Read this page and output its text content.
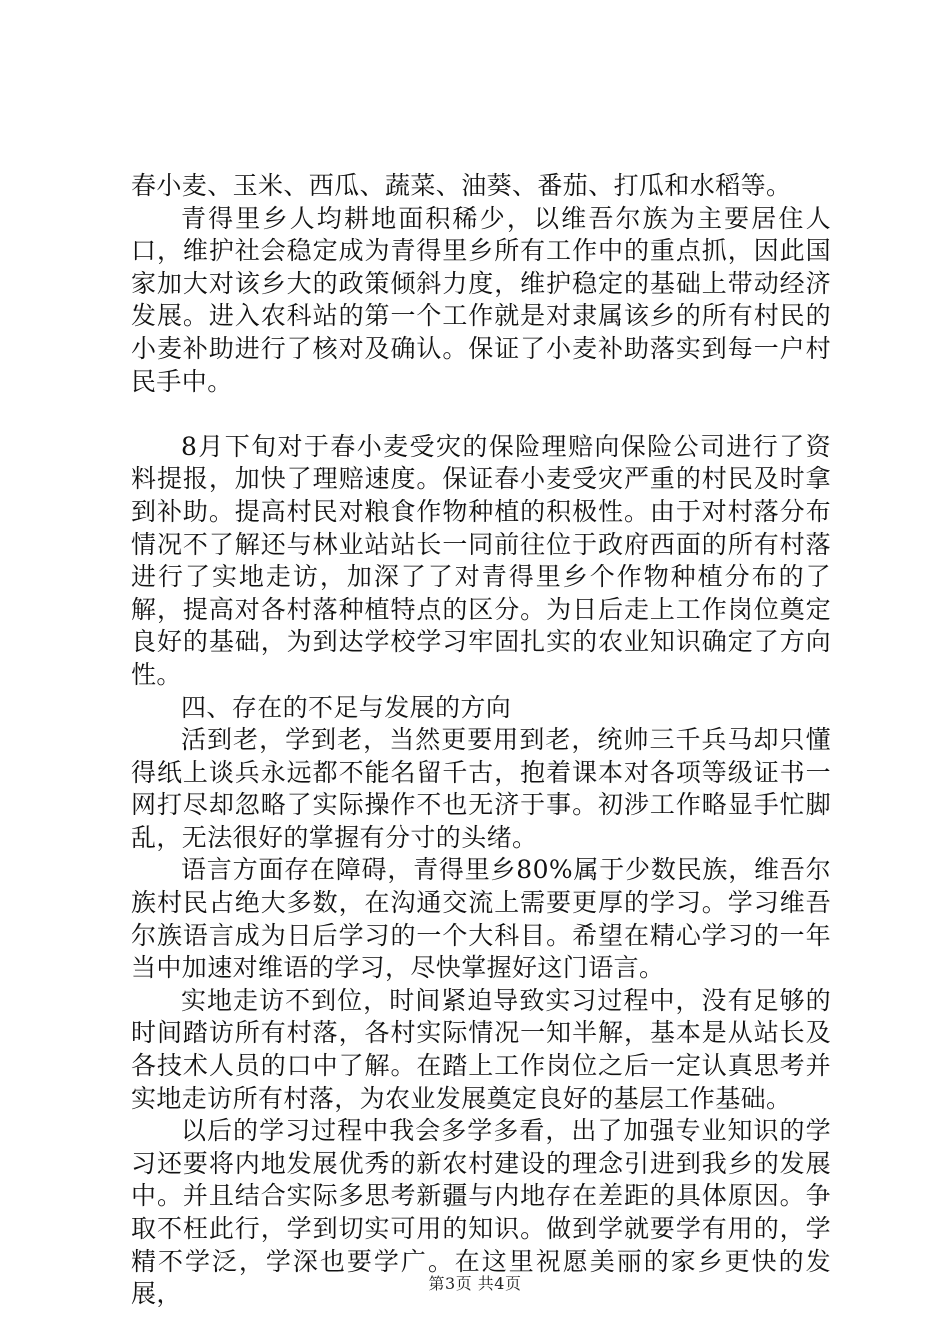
春小麦、玉米、西瓜、蔬菜、油葵、番茄、打瓜和水稻等。

青得里乡人均耕地面积稀少，以维吾尔族为主要居住人口，维护社会稳定成为青得里乡所有工作中的重点抓，因此国家加大对该乡大的政策倾斜力度，维护稳定的基础上带动经济发展。进入农科站的第一个工作就是对隶属该乡的所有村民的小麦补助进行了核对及确认。保证了小麦补助落实到每一户村民手中。

8月下旬对于春小麦受灾的保险理赔向保险公司进行了资料提报，加快了理赔速度。保证春小麦受灾严重的村民及时拿到补助。提高村民对粮食作物种植的积极性。由于对村落分布情况不了解还与林业站站长一同前往位于政府西面的所有村落进行了实地走访，加深了了对青得里乡个作物种植分布的了解，提高对各村落种植特点的区分。为日后走上工作岗位奠定良好的基础，为到达学校学习牢固扎实的农业知识确定了方向性。

四、存在的不足与发展的方向

活到老，学到老，当然更要用到老，统帅三千兵马却只懂得纸上谈兵永远都不能名留千古，抱着课本对各项等级证书一网打尽却忽略了实际操作不也无济于事。初涉工作略显手忙脚乱，无法很好的掌握有分寸的头绪。

语言方面存在障碍，青得里乡80%属于少数民族，维吾尔族村民占绝大多数，在沟通交流上需要更厚的学习。学习维吾尔族语言成为日后学习的一个大科目。希望在精心学习的一年当中加速对维语的学习，尽快掌握好这门语言。

实地走访不到位，时间紧迫导致实习过程中，没有足够的时间踏访所有村落，各村实际情况一知半解，基本是从站长及各技术人员的口中了解。在踏上工作岗位之后一定认真思考并实地走访所有村落，为农业发展奠定良好的基层工作基础。

以后的学习过程中我会多学多看，出了加强专业知识的学习还要将内地发展优秀的新农村建设的理念引进到我乡的发展中。并且结合实际多思考新疆与内地存在差距的具体原因。争取不枉此行，学到切实可用的知识。做到学就要学有用的，学精不学泛，学深也要学广。在这里祝愿美丽的家乡更快的发展，	第3页 共4页
